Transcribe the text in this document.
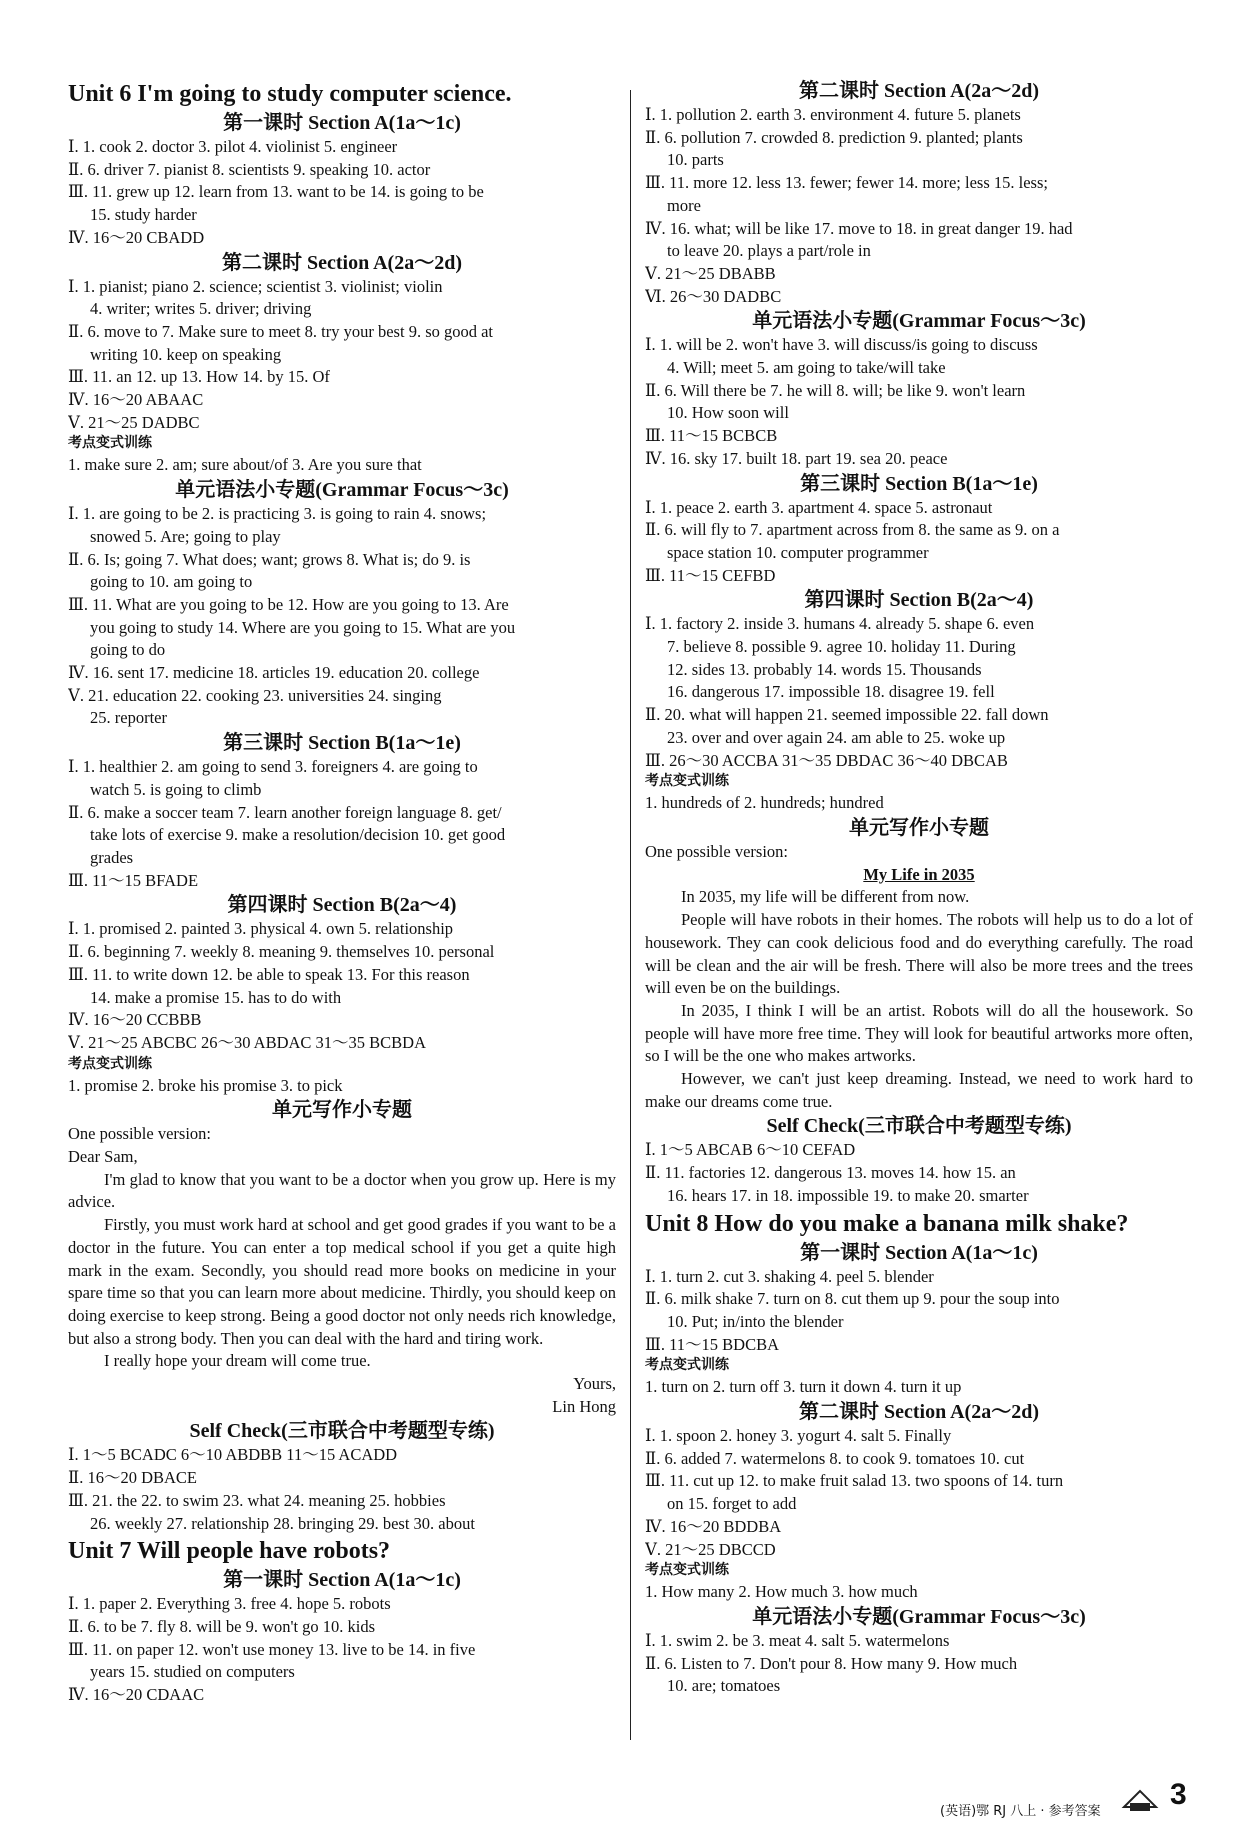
Unit 6 I'm going to study computer science.
第一课时 Section A(1a～1c)
Ⅰ. 1. cook 2. doctor 3. pilot 4. violinist 5. engineer
Ⅱ. 6. driver 7. pianist 8. scientists 9. speaking 10. actor
Ⅲ. 11. grew up 12. learn from 13. want to be 14. is going to be
15. study harder
Ⅳ. 16～20 CBADD
第二课时 Section A(2a～2d)
Ⅰ. 1. pianist; piano 2. science; scientist 3. violinist; violin
4. writer; writes 5. driver; driving
Ⅱ. 6. move to 7. Make sure to meet 8. try your best 9. so good at
writing 10. keep on speaking
Ⅲ. 11. an 12. up 13. How 14. by 15. Of
Ⅳ. 16～20 ABAAC
Ⅴ. 21～25 DADBC
考点变式训练
1. make sure 2. am; sure about/of 3. Are you sure that
单元语法小专题(Grammar Focus～3c)
Ⅰ. 1. are going to be 2. is practicing 3. is going to rain 4. snows;
snowed 5. Are; going to play
Ⅱ. 6. Is; going 7. What does; want; grows 8. What is; do 9. is
going to 10. am going to
Ⅲ. 11. What are you going to be 12. How are you going to 13. Are
you going to study 14. Where are you going to 15. What are you
going to do
Ⅳ. 16. sent 17. medicine 18. articles 19. education 20. college
Ⅴ. 21. education 22. cooking 23. universities 24. singing
25. reporter
第三课时 Section B(1a～1e)
Ⅰ. 1. healthier 2. am going to send 3. foreigners 4. are going to
watch 5. is going to climb
Ⅱ. 6. make a soccer team 7. learn another foreign language 8. get/
take lots of exercise 9. make a resolution/decision 10. get good
grades
Ⅲ. 11～15 BFADE
第四课时 Section B(2a～4)
Ⅰ. 1. promised 2. painted 3. physical 4. own 5. relationship
Ⅱ. 6. beginning 7. weekly 8. meaning 9. themselves 10. personal
Ⅲ. 11. to write down 12. be able to speak 13. For this reason
14. make a promise 15. has to do with
Ⅳ. 16～20 CCBBB
Ⅴ. 21～25 ABCBC 26～30 ABDAC 31～35 BCBDA
考点变式训练
1. promise 2. broke his promise 3. to pick
单元写作小专题
One possible version:
Dear Sam,
I'm glad to know that you want to be a doctor when you grow up. Here is my advice.
Firstly, you must work hard at school and get good grades if you want to be a doctor in the future. You can enter a top medical school if you get a quite high mark in the exam. Secondly, you should read more books on medicine in your spare time so that you can learn more about medicine. Thirdly, you should keep on doing exercise to keep strong. Being a good doctor not only needs rich knowledge, but also a strong body. Then you can deal with the hard and tiring work.
I really hope your dream will come true.
Yours,
Lin Hong
Self Check(三市联合中考题型专练)
Ⅰ. 1～5 BCADC 6～10 ABDBB 11～15 ACADD
Ⅱ. 16～20 DBACE
Ⅲ. 21. the 22. to swim 23. what 24. meaning 25. hobbies
26. weekly 27. relationship 28. bringing 29. best 30. about
Unit 7 Will people have robots?
第一课时 Section A(1a～1c)
Ⅰ. 1. paper 2. Everything 3. free 4. hope 5. robots
Ⅱ. 6. to be 7. fly 8. will be 9. won't go 10. kids
Ⅲ. 11. on paper 12. won't use money 13. live to be 14. in five
years 15. studied on computers
Ⅳ. 16～20 CDAAC
第二课时 Section A(2a～2d)
Ⅰ. 1. pollution 2. earth 3. environment 4. future 5. planets
Ⅱ. 6. pollution 7. crowded 8. prediction 9. planted; plants
10. parts
Ⅲ. 11. more 12. less 13. fewer; fewer 14. more; less 15. less;
more
Ⅳ. 16. what; will be like 17. move to 18. in great danger 19. had
to leave 20. plays a part/role in
Ⅴ. 21～25 DBABB
Ⅵ. 26～30 DADBC
单元语法小专题(Grammar Focus～3c)
Ⅰ. 1. will be 2. won't have 3. will discuss/is going to discuss
4. Will; meet 5. am going to take/will take
Ⅱ. 6. Will there be 7. he will 8. will; be like 9. won't learn
10. How soon will
Ⅲ. 11～15 BCBCB
Ⅳ. 16. sky 17. built 18. part 19. sea 20. peace
第三课时 Section B(1a～1e)
Ⅰ. 1. peace 2. earth 3. apartment 4. space 5. astronaut
Ⅱ. 6. will fly to 7. apartment across from 8. the same as 9. on a
space station 10. computer programmer
Ⅲ. 11～15 CEFBD
第四课时 Section B(2a～4)
Ⅰ. 1. factory 2. inside 3. humans 4. already 5. shape 6. even
7. believe 8. possible 9. agree 10. holiday 11. During
12. sides 13. probably 14. words 15. Thousands
16. dangerous 17. impossible 18. disagree 19. fell
Ⅱ. 20. what will happen 21. seemed impossible 22. fall down
23. over and over again 24. am able to 25. woke up
Ⅲ. 26～30 ACCBA 31～35 DBDAC 36～40 DBCAB
考点变式训练
1. hundreds of 2. hundreds; hundred
单元写作小专题
One possible version:
My Life in 2035
In 2035, my life will be different from now.
People will have robots in their homes. The robots will help us to do a lot of housework. They can cook delicious food and do everything carefully. The road will be clean and the air will be fresh. There will also be more trees and the trees will even be on the buildings.
In 2035, I think I will be an artist. Robots will do all the housework. So people will have more free time. They will look for beautiful artworks more often, so I will be the one who makes artworks.
However, we can't just keep dreaming. Instead, we need to work hard to make our dreams come true.
Self Check(三市联合中考题型专练)
Ⅰ. 1～5 ABCAB 6～10 CEFAD
Ⅱ. 11. factories 12. dangerous 13. moves 14. how 15. an
16. hears 17. in 18. impossible 19. to make 20. smarter
Unit 8 How do you make a banana milk shake?
第一课时 Section A(1a～1c)
Ⅰ. 1. turn 2. cut 3. shaking 4. peel 5. blender
Ⅱ. 6. milk shake 7. turn on 8. cut them up 9. pour the soup into
10. Put; in/into the blender
Ⅲ. 11～15 BDCBA
考点变式训练
1. turn on 2. turn off 3. turn it down 4. turn it up
第二课时 Section A(2a～2d)
Ⅰ. 1. spoon 2. honey 3. yogurt 4. salt 5. Finally
Ⅱ. 6. added 7. watermelons 8. to cook 9. tomatoes 10. cut
Ⅲ. 11. cut up 12. to make fruit salad 13. two spoons of 14. turn
on 15. forget to add
Ⅳ. 16～20 BDDBA
Ⅴ. 21～25 DBCCD
考点变式训练
1. How many 2. How much 3. how much
单元语法小专题(Grammar Focus～3c)
Ⅰ. 1. swim 2. be 3. meat 4. salt 5. watermelons
Ⅱ. 6. Listen to 7. Don't pour 8. How many 9. How much
10. are; tomatoes
(英语)鄂 RJ 八上 · 参考答案
3
